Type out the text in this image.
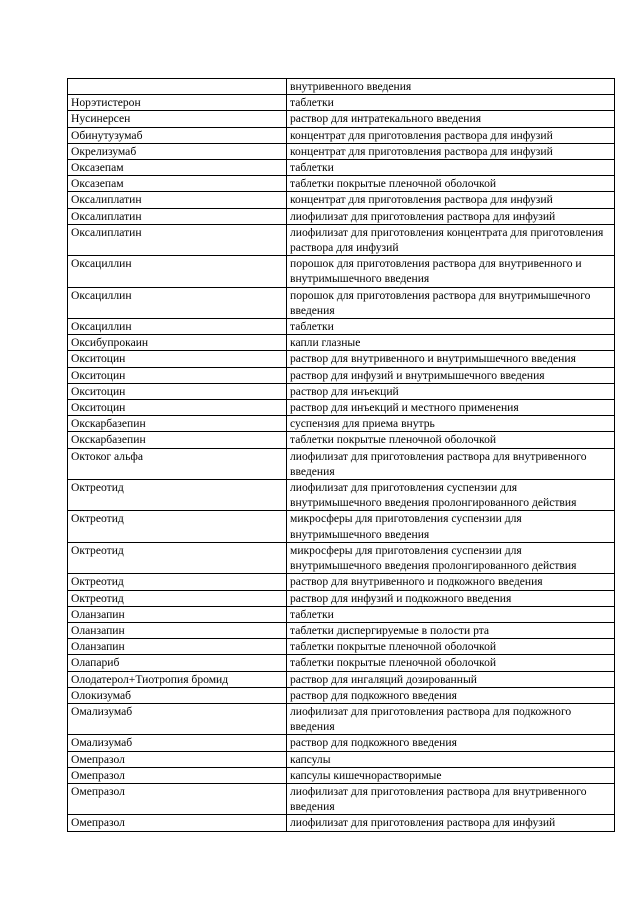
	внутривенного введения
Норэтистерон	таблетки
Нусинерсен	раствор для интратекального введения
Обинутузумаб	концентрат для приготовления раствора для инфузий
Окрелизумаб	концентрат для приготовления раствора для инфузий
Оксазепам	таблетки
Оксазепам	таблетки покрытые пленочной оболочкой
Оксалиплатин	концентрат для приготовления раствора для инфузий
Оксалиплатин	лиофилизат для приготовления раствора для инфузий
Оксалиплатин	лиофилизат для приготовления концентрата для приготовления раствора для инфузий
Оксациллин	порошок для приготовления раствора для внутривенного и внутримышечного введения
Оксациллин	порошок для приготовления раствора для внутримышечного введения
Оксациллин	таблетки
Оксибупрокаин	капли глазные
Окситоцин	раствор для внутривенного и внутримышечного введения
Окситоцин	раствор для инфузий и внутримышечного введения
Окситоцин	раствор для инъекций
Окситоцин	раствор для инъекций и местного применения
Окскарбазепин	суспензия для приема внутрь
Окскарбазепин	таблетки покрытые пленочной оболочкой
Октоког альфа	лиофилизат для приготовления раствора для внутривенного введения
Октреотид	лиофилизат для приготовления суспензии для внутримышечного введения пролонгированного действия
Октреотид	микросферы для приготовления суспензии для внутримышечного введения
Октреотид	микросферы для приготовления суспензии для внутримышечного введения пролонгированного действия
Октреотид	раствор для внутривенного и подкожного введения
Октреотид	раствор для инфузий и подкожного введения
Оланзапин	таблетки
Оланзапин	таблетки диспергируемые в полости рта
Оланзапин	таблетки покрытые пленочной оболочкой
Олапариб	таблетки покрытые пленочной оболочкой
Олодатерол+Тиотропия бромид	раствор для ингаляций дозированный
Олокизумаб	раствор для подкожного введения
Омализумаб	лиофилизат для приготовления раствора для подкожного введения
Омализумаб	раствор для подкожного введения
Омепразол	капсулы
Омепразол	капсулы кишечнорастворимые
Омепразол	лиофилизат для приготовления раствора для внутривенного введения
Омепразол	лиофилизат для приготовления раствора для инфузий
